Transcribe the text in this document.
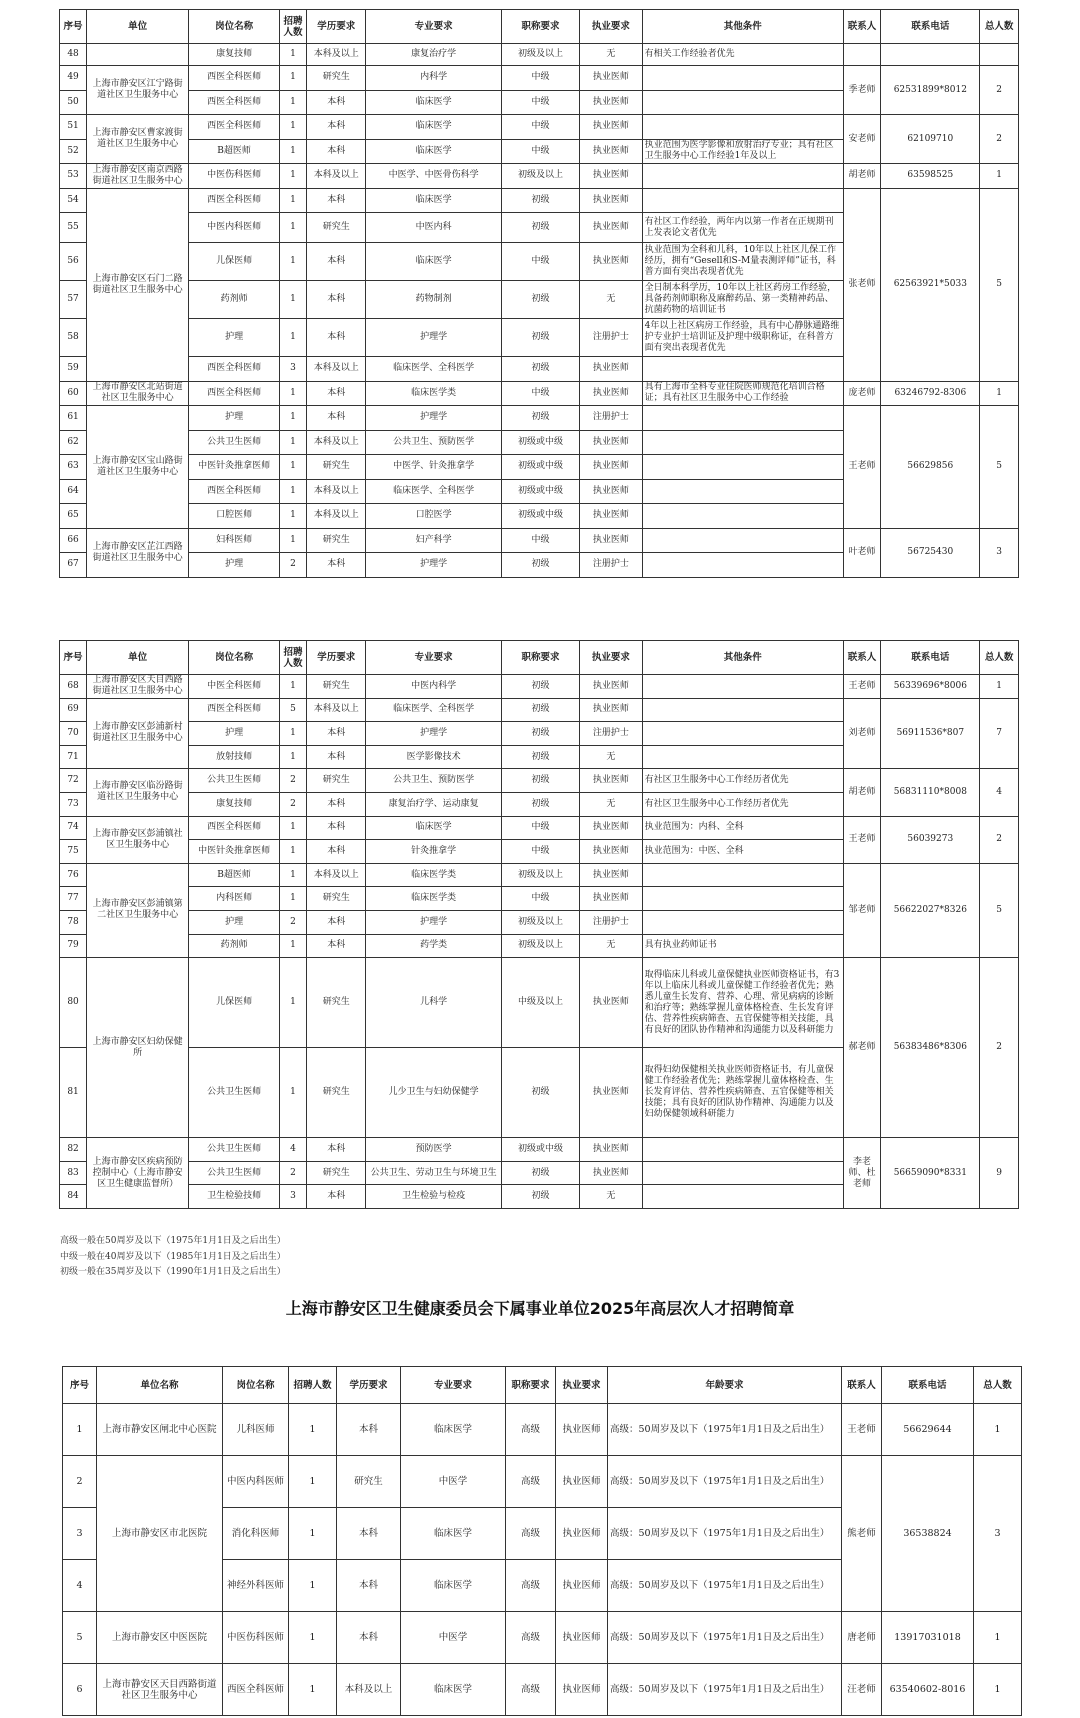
序号	单位	岗位名称	招聘人数	学历要求	专业要求	职称要求	执业要求	其他条件	联系人	联系电话	总人数
48		康复技师	1	本科及以上	康复治疗学	初级及以上	无	有相关工作经验者优先			
49	上海市静安区江宁路街道社区卫生服务中心	西医全科医师	1	研究生	内科学	中级	执业医师		季老师	62531899*8012	2
50		西医全科医师	1	本科	临床医学	中级	执业医师				
51	上海市静安区曹家渡街道社区卫生服务中心	西医全科医师	1	本科	临床医学	中级	执业医师		安老师	62109710	2
52		B超医师	1	本科	临床医学	中级	执业医师	执业范围为医学影像和放射治疗专业；具有社区卫生服务中心工作经验1年及以上			
53	上海市静安区南京西路街道社区卫生服务中心	中医伤科医师	1	本科及以上	中医学、中医骨伤科学	初级及以上	执业医师		胡老师	63598525	1
54	上海市静安区石门二路街道社区卫生服务中心	西医全科医师	1	本科	临床医学	初级	执业医师		张老师	62563921*5033	5
55		中医内科医师	1	研究生	中医内科	初级	执业医师	有社区工作经验，两年内以第一作者在正规期刊上发表论文者优先			
56		儿保医师	1	本科	临床医学	中级	执业医师	执业范围为全科和儿科，10年以上社区儿保工作经历，拥有“Gesell和S-M量表测评师”证书，科普方面有突出表现者优先			
57		药剂师	1	本科	药物制剂	初级	无	全日制本科学历，10年以上社区药房工作经验，具备药剂师职称及麻醉药品、第一类精神药品、抗菌药物的培训证书			
58		护理	1	本科	护理学	初级	注册护士	4年以上社区病房工作经验，具有中心静脉通路维护专业护士培训证及护理中级职称证，在科普方面有突出表现者优先			
59		西医全科医师	3	本科及以上	临床医学、全科医学	初级	执业医师				
60	上海市静安区北站街道社区卫生服务中心	西医全科医师	1	本科	临床医学类	中级	执业医师	具有上海市全科专业住院医师规范化培训合格证；具有社区卫生服务中心工作经验	庞老师	63246792-8306	1
61	上海市静安区宝山路街道社区卫生服务中心	护理	1	本科	护理学	初级	注册护士		王老师	56629856	5
62		公共卫生医师	1	本科及以上	公共卫生、预防医学	初级或中级	执业医师				
63		中医针灸推拿医师	1	研究生	中医学、针灸推拿学	初级或中级	执业医师				
64		西医全科医师	1	本科及以上	临床医学、全科医学	初级或中级	执业医师				
65		口腔医师	1	本科及以上	口腔医学	初级或中级	执业医师				
66	上海市静安区芷江西路街道社区卫生服务中心	妇科医师	1	研究生	妇产科学	中级	执业医师		叶老师	56725430	3
67		护理	2	本科	护理学	初级	注册护士				
序号	单位	岗位名称	招聘人数	学历要求	专业要求	职称要求	执业要求	其他条件	联系人	联系电话	总人数
68	上海市静安区天目西路街道社区卫生服务中心	中医全科医师	1	研究生	中医内科学	初级	执业医师		王老师	56339696*8006	1
69	上海市静安区彭浦新村街道社区卫生服务中心	西医全科医师	5	本科及以上	临床医学、全科医学	初级	执业医师		刘老师	56911536*807	7
70		护理	1	本科	护理学	初级	注册护士				
71		放射技师	1	本科	医学影像技术	初级	无				
72	上海市静安区临汾路街道社区卫生服务中心	公共卫生医师	2	研究生	公共卫生、预防医学	初级	执业医师	有社区卫生服务中心工作经历者优先	胡老师	56831110*8008	4
73		康复技师	2	本科	康复治疗学、运动康复	初级	无	有社区卫生服务中心工作经历者优先			
74	上海市静安区彭浦镇社区卫生服务中心	西医全科医师	1	本科	临床医学	中级	执业医师	执业范围为：内科、全科	王老师	56039273	2
75		中医针灸推拿医师	1	本科	针灸推拿学	中级	执业医师	执业范围为：中医、全科			
76	上海市静安区彭浦镇第二社区卫生服务中心	B超医师	1	本科及以上	临床医学类	初级及以上	执业医师		邹老师	56622027*8326	5
77		内科医师	1	研究生	临床医学类	中级	执业医师				
78		护理	2	本科	护理学	初级及以上	注册护士				
79		药剂师	1	本科	药学类	初级及以上	无	具有执业药师证书			
80	上海市静安区妇幼保健所	儿保医师	1	研究生	儿科学	中级及以上	执业医师	取得临床儿科或儿童保健执业医师资格证书，有3年以上临床儿科或儿童保健工作经验者优先；熟悉儿童生长发育、营养、心理、常见病病的诊断和治疗等；熟练掌握儿童体格检查、生长发育评估、营养性疾病筛查、五官保健等相关技能，具有良好的团队协作精神和沟通能力以及科研能力	郝老师	56383486*8306	2
81		公共卫生医师	1	研究生	儿少卫生与妇幼保健学	初级	执业医师	取得妇幼保健相关执业医师资格证书，有儿童保健工作经验者优先；熟练掌握儿童体格检查、生长发育评估、营养性疾病筛查、五官保健等相关技能；具有良好的团队协作精神、沟通能力以及妇幼保健领域科研能力			
82	上海市静安区疾病预防控制中心（上海市静安区卫生健康监督所）	公共卫生医师	4	本科	预防医学	初级或中级	执业医师		李老师、杜老师	56659090*8331	9
83		公共卫生医师	2	研究生	公共卫生、劳动卫生与环境卫生	初级	执业医师				
84		卫生检验技师	3	本科	卫生检验与检疫	初级	无				
高级一般在50周岁及以下（1975年1月1日及之后出生）
中级一般在40周岁及以下（1985年1月1日及之后出生）
初级一般在35周岁及以下（1990年1月1日及之后出生）
上海市静安区卫生健康委员会下属事业单位2025年高层次人才招聘简章
序号	单位名称	岗位名称	招聘人数	学历要求	专业要求	职称要求	执业要求	年龄要求	联系人	联系电话	总人数
1	上海市静安区闸北中心医院	儿科医师	1	本科	临床医学	高级	执业医师	高级：50周岁及以下（1975年1月1日及之后出生）	王老师	56629644	1
2	上海市静安区市北医院	中医内科医师	1	研究生	中医学	高级	执业医师	高级：50周岁及以下（1975年1月1日及之后出生）	熊老师	36538824	3
3		消化科医师	1	本科	临床医学	高级	执业医师	高级：50周岁及以下（1975年1月1日及之后出生）			
4		神经外科医师	1	本科	临床医学	高级	执业医师	高级：50周岁及以下（1975年1月1日及之后出生）			
5	上海市静安区中医医院	中医伤科医师	1	本科	中医学	高级	执业医师	高级：50周岁及以下（1975年1月1日及之后出生）	唐老师	13917031018	1
6	上海市静安区天目西路街道社区卫生服务中心	西医全科医师	1	本科及以上	临床医学	高级	执业医师	高级：50周岁及以下（1975年1月1日及之后出生）	汪老师	63540602-8016	1
